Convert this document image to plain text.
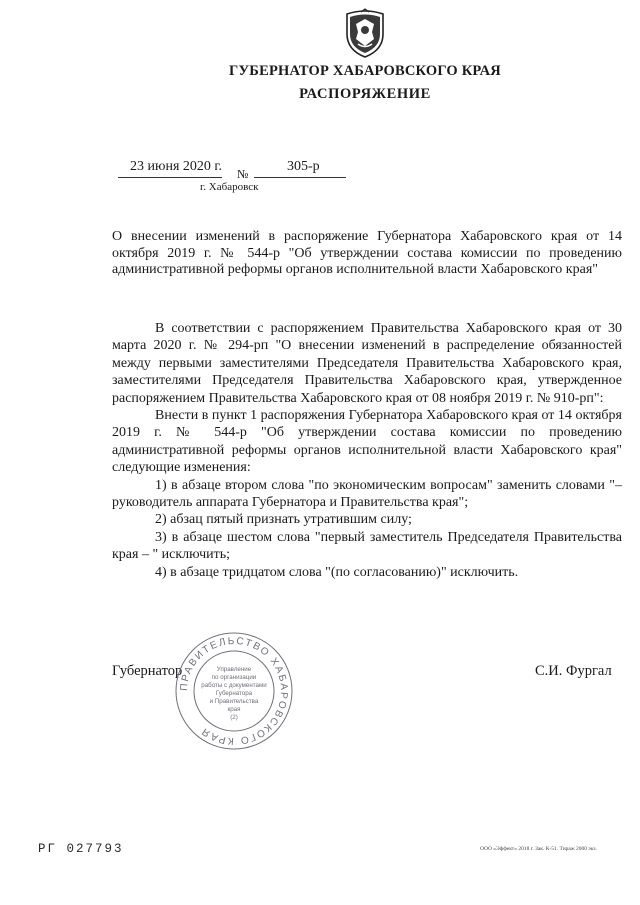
ГУБЕРНАТОР ХАБАРОВСКОГО КРАЯ
РАСПОРЯЖЕНИЕ
23 июня 2020 г. №	305-р
г. Хабаровск
О внесении изменений в распоряжение Губернатора Хабаровского края от 14 октября 2019 г. № 544-р "Об утверждении состава комиссии по проведению административной реформы органов исполнительной власти Хабаровского края"

В соответствии с распоряжением Правительства Хабаровского края от 30 марта 2020 г. № 294-рп "О внесении изменений в распределение обязанностей между первыми заместителями Председателя Правительства Хабаровского края, заместителями Председателя Правительства Хабаровского края, утвержденное распоряжением Правительства Хабаровского края от 08 ноября 2019 г. № 910-рп":

Внести в пункт 1 распоряжения Губернатора Хабаровского края от 14 октября 2019 г. № 544-р "Об утверждении состава комиссии по проведению административной реформы органов исполнительной власти Хабаровского края" следующие изменения:

1) в абзаце втором слова "по экономическим вопросам" заменить словами "– руководитель аппарата Губернатора и Правительства края";

2) абзац пятый признать утратившим силу;

3) в абзаце шестом слова "первый заместитель Председателя Правительства края – " исключить;

4) в абзаце тридцатом слова "(по согласованию)" исключить.

Губернатор	С.И. Фургал
ПРАВИТЕЛЬСТВО ХАБАРОВСКОГО КРАЯ
Управление
по организации
работы с документами
Губернатора
и Правительства
края
(2)
РГ 027793	ООО «Эффект» 2018 г. Зак. К-51. Тираж 2000 экз.
